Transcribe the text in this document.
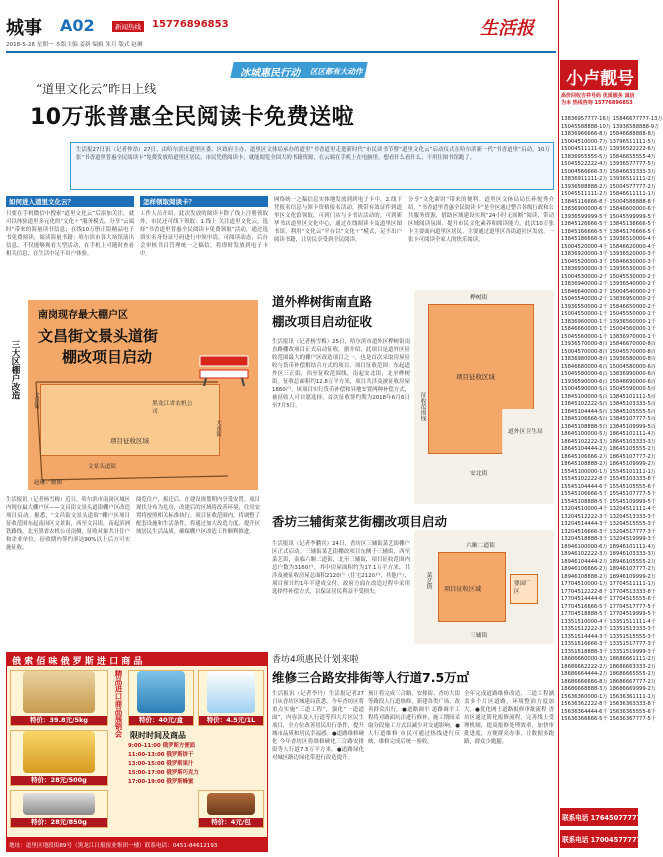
城事 A02	新闻热线	15776896853
2018-5-28 星期一 本版主编 姜新 编辑 朱月 版式 赵琳
生活报
冰城惠民行动 区区都有大动作
“道里文化云”昨日上线
10万张普惠全民阅读卡免费送啦
生活报27日讯（记者仲昂）27日，由哈尔滨市道里区委、区政府主办、道里区文体局承办的道里“书香道里走进新时代”市民读书节暨“道里文化云”启动仪式在哈尔滨新一代“书香道里”启动，10万张“书香道里普惠全民阅读卡”免费发放给道里区居民。市民凭借阅读卡，就能阅览全国大的书籍资源，在云端在手机上在电脑里，想看什么看什么，不用往图书馆跑了。
如何进入道里文化云？
只要在手机微信中搜索“道里文化云”后添加关注，就可以体验道里多元化的“文化＋”服务模式，分享“云端时”带来的海量读书信息；在线10万册正版精品电子书免费阅读，阅读海量书籍；哈尔滨市各大场馆演出信息，不仅能够观看大型活动，在手机上可随时查看相关信息，在生活中足不出户体验。
怎样领取阅读卡？
工作人员介绍，此次发放的阅读卡除了线上注册领取外，市民还可线下领取：1.线上 关注道里文化云，选择“书香道里普惠全民阅读卡免费领取”活动，通过选填实名身份证号码进行申领申请，可阅读动态，后台会审核书目管理统一之稿信，将即时发放到电子卡中。
网络统一之稿信息实体地发放到到电子卡中。2.线下 凭报名信息与领卡资格报名活动，携带有效证件到道里区文化馆领取，可到门店与卡书店活动的。可到新华书店道里区文化中心，通过在线阅读卡及道里区图书馆，利用“文化云”平台以“文化＋”模式，足不出户阅读书籍，让居民享受到全民阅读。
分享“文化新时”带来的便利。道里区文体局局长孙悦秀介绍，“书香道里普惠全民阅读卡”是全区通过整合各级行政和公共服务资源，借助区域建设实现“24小时无间断”阅读，带动区域阅读氛围，提升市民文化素养和阅读能力。此次10万张卡主要面向道里区居民，主要通过道里区各街道社区发放，一张卡可阅读全家人的快乐阅读。
三大区棚户改造
南岗现存最大棚户区
文昌街文景头道街
棚改项目启动
项目征收区域
黑龙江省农机公司
文昌街
文景头道街
大直街
赵琳／制图
生活报讯（记者杨雪梅）近日，哈尔滨市南岗区城区内现存最大棚户区——文昌街文景头道街棚户区改造项目启动。据悉，“文昌街文景头道街”棚户区项目征收范围东起南岗区文景街，西至文昌街，南起滨洲铁路线，北至黑省农机公司南侧，征收对象共计住户和企业单位，征收期内签约率达90%以上后方可实施征收。
阅览住户，拆迁后，在建设规划期内享受安置。项目现状分布为危房，改建后的区域将改善环境，住房安置将按照相关标准执行。项目征收范围内，将调整了配套设施和生活条件。将通过加大改造力度，提升区域居民生活品质，确保棚户区改造工作顺利推进。
道外桦树街南直路
棚改项目启动征收
生活报讯（记者杨雪梅）25日，哈尔滨市道外区桦树街南直路棚改项目正式启动征收。据介绍，此项目是道外区征收范围最大的棚户区改造项目之一，也是首次采取房屋征收与货币补偿相结合方式的项目。项目征收范围：东起道外区三正街，西至征收范围线，南起安北街，北至桦树街。征收总面积约12.8万平方米，项目共涉及被征收房屋1860户。该项目实行货币补偿和异地安置两种补偿方式，被征收人可自愿选择，首次征收签约期为2018年6月6日至7月5日。
项目征收区域
桦树街
征收范围线
道外区卫生局
安北街
香坊三辅街菜艺街棚改项目启动
生活报讯（记者李鹏宾）24日，香坊区三辅街菜艺街棚户区正式启动。三辅街菜艺街棚改项目东侧于三辅街，西至菜艺街，南临六顺二道街，北至三辅街，项目征收范围内总户数为3160户，其中房屋面积约为17.1万平方米，共涉及被征收房屋总面积2120户（住宅2120户，其他户），项目预计约1年半建成交付。政府方面在改造过程中采用选择性补偿方式，以保证居民利益不受损失。	项目征收区域
婴园厂区
六顺二道街
菜艺街
三辅街
香坊4项惠民计划来啦
维修三合路安排街等人行道7.5万㎡
生活报讯（记者李丹）生活报记者27日从香坊区城建局获悉，今年香坊区将重点实施“三道工程”，强化“一道道面”，内容涉及人行道等四大片区民生项目，全方位改善居民出行条件，提升城市品质和居民幸福感。●道路维修硬化 今年香坊区将维修硬化三合路安排街等人行道7.5万平方米。●道路绿化 对城区路边绿化带进行改造提升。
预计将完成三合路、安排街、香坊大街等路段人行道维修，新建各类广场，改善群众出行。●道路调平 道路调平工程将对路面坑洼进行修补，施工期间采取分段施工方式以减少对交通影响。●人行道维修 市民可通过热线进行反映，维修完成后统一验收。
全年完成道路维修改造，三道工程涵盖多个片区道路，环境整治力度加大。●优化网上道路报修审批流程 香坊区通过简化报修流程，完善线上受理机制，提高报修处理效率，加快审批进度，方便群众办事，让数据多跑路，群众少跑腿。
俄 索 佰 味 俄 罗 斯 进 口 商 品
精品进口商品展销会
特价：39.8元/5kg	特价：40元/盒	特价：4.5元/1L
限时时间及商品
9:00-11:00 俄罗斯方便面
11:00-13:00 俄罗斯饼干
13:00-15:00 俄罗斯果汁
15:00-17:00 俄罗斯巧克力
17:00-19:00 俄罗斯蜂蜜
特价：28元/500g
特价：28元/850g	特价：4元/包
地址：道里区地段街89号（黑龙江日报报业集团一楼）联系电话：0451-84612193
小卢靓号
高价回收吉祥号码 优质服务 诚信为本 热线咨询 15776896853
13836957777-16万 15846677777-13万
15045588888-10万 13936588888-9万
13836966666-8万 15846688888-8万
15004510000-7万 13796511111-5万
15004511111-6万 13936522222-6万
13836955555-5万 15846655555-4万
15045522222-4万 13936577777-5万
15004566666-3万 15846633333-3万
13836911111-2万 13936511111-2万
13936588888-2万 15004577777-2万
15045511111-2万 15846611111-1万
13845116666-8千 15004588888-8千
13836900000-6千 15846600000-6千
13936599999-5千 15045599999-5千
13845126666-5千 13845136666-5千
13845166666-5千 13845176666-5千
13845186666-5千 13936510000-4千
15004520000-4千 15846620000-4千
13836920000-3千 13936520000-3千
15045520000-3千 15846630000-3千
13836930000-3千 13936530000-3千
15004530000-2千 15045530000-2千
13836940000-2千 13936540000-2千
15846640000-2千 15004540000-2千
15045540000-2千 13836950000-2千
13936550000-2千 15846650000-2千
15004550000-1千 15045550000-1千
13836960000-1千 13936560000-1千
15846660000-1千 15004560000-1千
15045560000-1千 13836970000-1千
13936570000-8百 15846670000-8百
15004570000-8百 15045570000-8百
13836980000-8百 13936580000-8百
15846680000-6百 15004580000-6百
15045580000-6百 13836990000-6百
13936590000-6百 15846690000-6百
15004590000-5百 15045590000-5百
13845100000-5百 13845101111-5百
13845102222-5百 13845103333-5百
13845104444-5百 13845105555-5百
13845106666-5百 13845107777-5百
13845108888-5百 13845109999-5百
18645100000-5万 18645101111-4万
18645102222-3万 18645103333-3万
18645104444-2万 18645105555-2万
18645106666-2万 18645107777-2万
18645108888-2万 18645109999-2万
15545100000-1万 15545101111-1万
15545102222-8千 15545103333-8千
15545104444-6千 15545105555-6千
15545106666-5千 15545107777-5千
15545108888-5千 15545109999-5千
13204510000-4千 13204511111-4千
13204512222-3千 13204513333-3千
13204514444-3千 13204515555-3千
13204516666-3千 13204517777-3千
13204518888-3千 13204519999-3千
18946100000-6万 18946101111-4万
18946102222-3万 18946103333-3万
18946104444-2万 18946105555-2万
18946106666-2万 18946107777-2万
18946108888-2万 18946109999-2万
17704510000-1万 17704511111-1万
17704512222-8千 17704513333-8千
17704514444-6千 17704515555-6千
17704516666-5千 17704517777-5千
17704518888-5千 17704519999-5千
13351510000-4千 13351511111-4千
13351512222-3千 13351513333-3千
13351514444-3千 13351515555-3千
13351516666-3千 13351517777-3千
13351518888-3千 13351519999-3千
18686660000-3万 18686661111-2万
18686662222-2万 18686663333-2万
18686664444-2万 18686665555-2万
18686666666-8万 18686667777-2万
18686668888-3万 18686669999-2万
15636360000-1万 15636361111-1万
15636362222-8千 15636363333-8千
15636364444-6千 15636365555-6千
15636366666-5千 15636367777-5千
联系电话 17645077777
联系电话 17004577777
